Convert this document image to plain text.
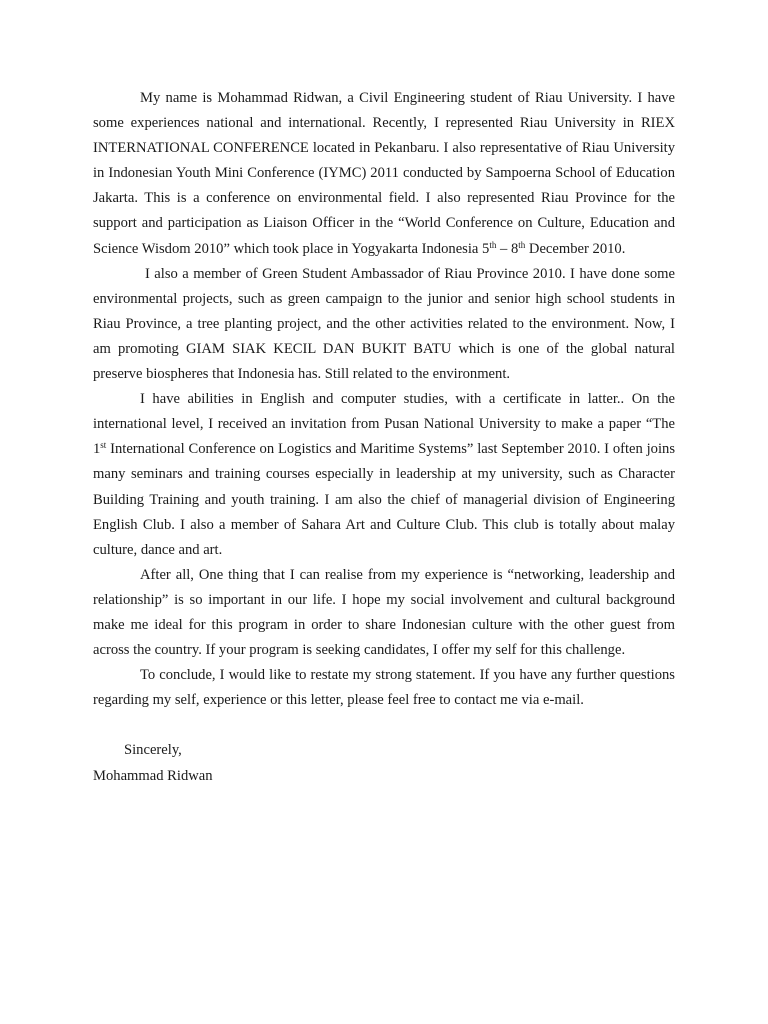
My name is Mohammad Ridwan, a Civil Engineering student of Riau University. I have some experiences national and international. Recently, I represented Riau University in RIEX INTERNATIONAL CONFERENCE located in Pekanbaru. I also representative of Riau University in Indonesian Youth Mini Conference (IYMC) 2011 conducted by Sampoerna School of Education Jakarta. This is a conference on environmental field. I also represented Riau Province for the support and participation as Liaison Officer in the “World Conference on Culture, Education and Science Wisdom 2010” which took place in Yogyakarta Indonesia 5th – 8th December 2010.

I also a member of Green Student Ambassador of Riau Province 2010. I have done some environmental projects, such as green campaign to the junior and senior high school students in Riau Province, a tree planting project, and the other activities related to the environment. Now, I am promoting GIAM SIAK KECIL DAN BUKIT BATU which is one of the global natural preserve biospheres that Indonesia has. Still related to the environment.

I have abilities in English and computer studies, with a certificate in latter.. On the international level, I received an invitation from Pusan National University to make a paper “The 1st International Conference on Logistics and Maritime Systems” last September 2010. I often joins many seminars and training courses especially in leadership at my university, such as Character Building Training and youth training. I am also the chief of managerial division of Engineering English Club. I also a member of Sahara Art and Culture Club. This club is totally about malay culture, dance and art.

After all, One thing that I can realise from my experience is “networking, leadership and relationship” is so important in our life. I hope my social involvement and cultural background make me ideal for this program in order to share Indonesian culture with the other guest from across the country. If your program is seeking candidates, I offer my self for this challenge.

To conclude, I would like to restate my strong statement. If you have any further questions regarding my self, experience or this letter, please feel free to contact me via e-mail.

Sincerely,

Mohammad Ridwan
